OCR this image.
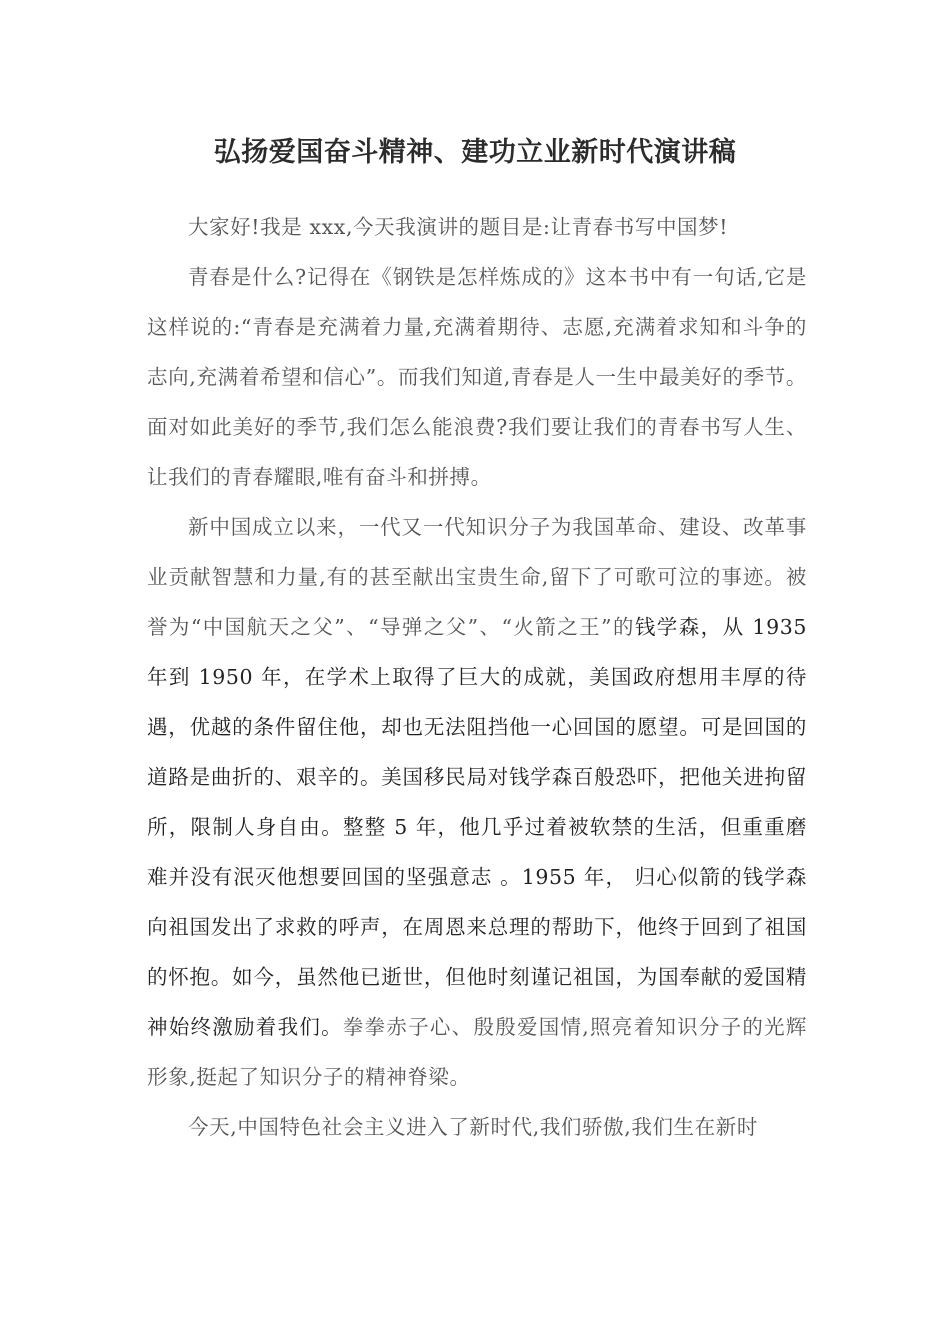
弘扬爱国奋斗精神、建功立业新时代演讲稿

大家好!我是 xxx,今天我演讲的题目是:让青春书写中国梦!

青春是什么?记得在《钢铁是怎样炼成的》这本书中有一句话,它是这样说的:“青春是充满着力量,充满着期待、志愿,充满着求知和斗争的志向,充满着希望和信心”。而我们知道,青春是人一生中最美好的季节。面对如此美好的季节,我们怎么能浪费?我们要让我们的青春书写人生、让我们的青春耀眼,唯有奋斗和拼搏。

新中国成立以来，一代又一代知识分子为我国革命、建设、改革事业贡献智慧和力量,有的甚至献出宝贵生命,留下了可歌可泣的事迹。被誉为“中国航天之父”、“导弹之父”、“火箭之王”的钱学森，从 1935 年到 1950 年，在学术上取得了巨大的成就，美国政府想用丰厚的待遇，优越的条件留住他，却也无法阻挡他一心回国的愿望。可是回国的道路是曲折的、艰辛的。美国移民局对钱学森百般恐吓，把他关进拘留所，限制人身自由。整整 5 年，他几乎过着被软禁的生活，但重重磨难并没有泯灭他想要回国的坚强意志 。1955 年， 归心似箭的钱学森向祖国发出了求救的呼声，在周恩来总理的帮助下，他终于回到了祖国的怀抱。如今，虽然他已逝世，但他时刻谨记祖国，为国奉献的爱国精神始终激励着我们。拳拳赤子心、殷殷爱国情,照亮着知识分子的光辉形象,挺起了知识分子的精神脊梁。

今天,中国特色社会主义进入了新时代,我们骄傲,我们生在新时
